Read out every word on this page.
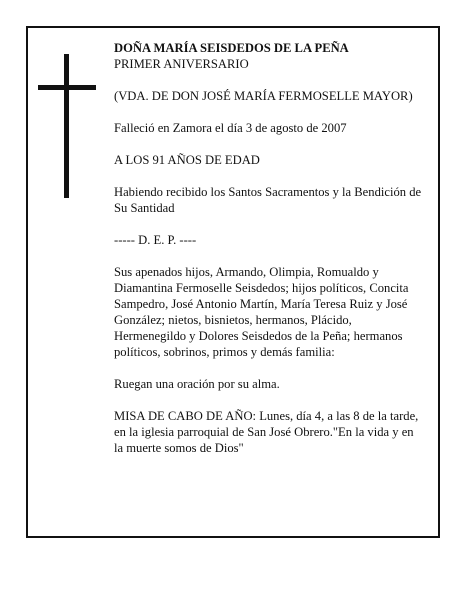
DOÑA MARÍA SEISDEDOS DE LA PEÑA

PRIMER ANIVERSARIO

(VDA. DE DON JOSÉ MARÍA FERMOSELLE MAYOR)

Falleció en Zamora el día 3 de agosto de 2007

A LOS 91 AÑOS DE EDAD

Habiendo recibido los Santos Sacramentos y la Bendición de Su Santidad

----- D. E. P. ----

Sus apenados hijos, Armando, Olimpia, Romualdo y Diamantina Fermoselle Seisdedos; hijos políticos, Concita Sampedro, José Antonio Martín, María Teresa Ruiz y José González; nietos, bisnietos, hermanos, Plácido, Hermenegildo y Dolores Seisdedos de la Peña; hermanos políticos, sobrinos, primos y demás familia:

Ruegan una oración por su alma.

MISA DE CABO DE AÑO: Lunes, día 4, a las 8 de la tarde, en la iglesia parroquial de San José Obrero."En la vida y en la muerte somos de Dios"
